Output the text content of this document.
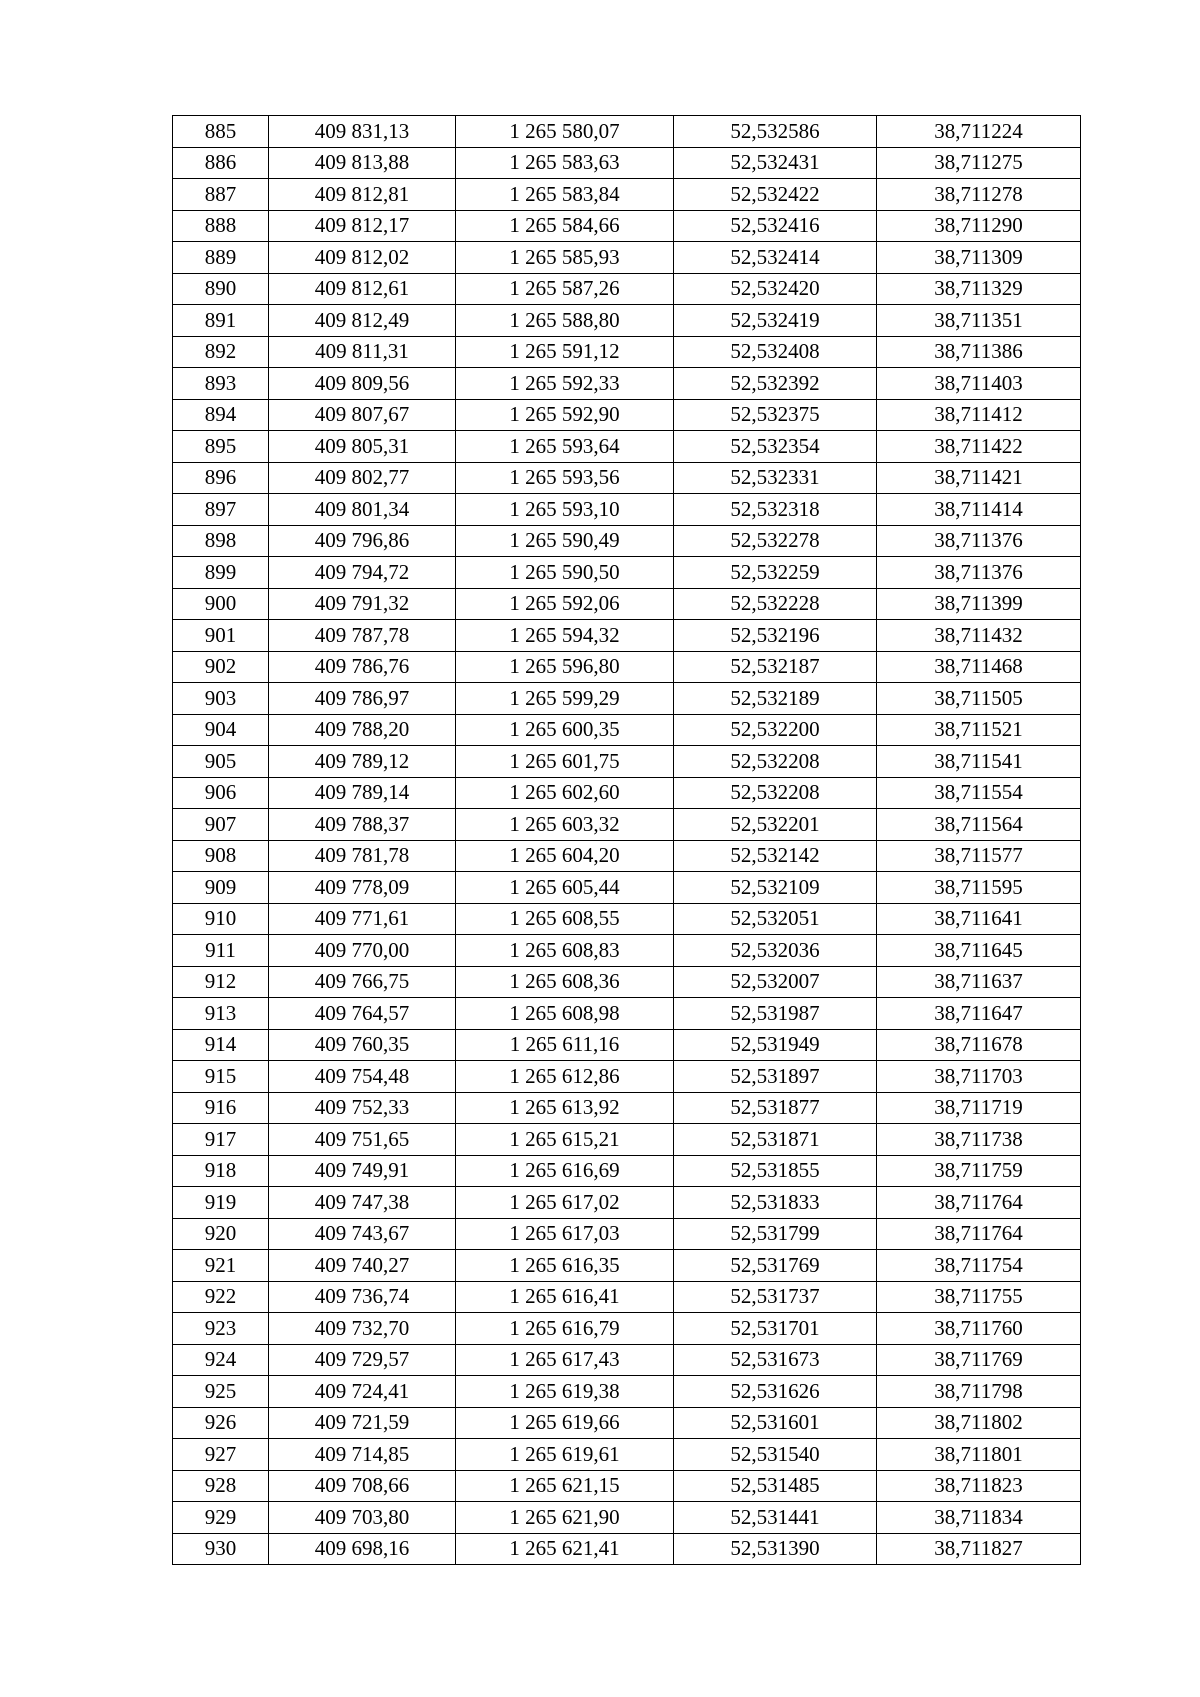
885	409 831,13	1 265 580,07	52,532586	38,711224
886	409 813,88	1 265 583,63	52,532431	38,711275
887	409 812,81	1 265 583,84	52,532422	38,711278
888	409 812,17	1 265 584,66	52,532416	38,711290
889	409 812,02	1 265 585,93	52,532414	38,711309
890	409 812,61	1 265 587,26	52,532420	38,711329
891	409 812,49	1 265 588,80	52,532419	38,711351
892	409 811,31	1 265 591,12	52,532408	38,711386
893	409 809,56	1 265 592,33	52,532392	38,711403
894	409 807,67	1 265 592,90	52,532375	38,711412
895	409 805,31	1 265 593,64	52,532354	38,711422
896	409 802,77	1 265 593,56	52,532331	38,711421
897	409 801,34	1 265 593,10	52,532318	38,711414
898	409 796,86	1 265 590,49	52,532278	38,711376
899	409 794,72	1 265 590,50	52,532259	38,711376
900	409 791,32	1 265 592,06	52,532228	38,711399
901	409 787,78	1 265 594,32	52,532196	38,711432
902	409 786,76	1 265 596,80	52,532187	38,711468
903	409 786,97	1 265 599,29	52,532189	38,711505
904	409 788,20	1 265 600,35	52,532200	38,711521
905	409 789,12	1 265 601,75	52,532208	38,711541
906	409 789,14	1 265 602,60	52,532208	38,711554
907	409 788,37	1 265 603,32	52,532201	38,711564
908	409 781,78	1 265 604,20	52,532142	38,711577
909	409 778,09	1 265 605,44	52,532109	38,711595
910	409 771,61	1 265 608,55	52,532051	38,711641
911	409 770,00	1 265 608,83	52,532036	38,711645
912	409 766,75	1 265 608,36	52,532007	38,711637
913	409 764,57	1 265 608,98	52,531987	38,711647
914	409 760,35	1 265 611,16	52,531949	38,711678
915	409 754,48	1 265 612,86	52,531897	38,711703
916	409 752,33	1 265 613,92	52,531877	38,711719
917	409 751,65	1 265 615,21	52,531871	38,711738
918	409 749,91	1 265 616,69	52,531855	38,711759
919	409 747,38	1 265 617,02	52,531833	38,711764
920	409 743,67	1 265 617,03	52,531799	38,711764
921	409 740,27	1 265 616,35	52,531769	38,711754
922	409 736,74	1 265 616,41	52,531737	38,711755
923	409 732,70	1 265 616,79	52,531701	38,711760
924	409 729,57	1 265 617,43	52,531673	38,711769
925	409 724,41	1 265 619,38	52,531626	38,711798
926	409 721,59	1 265 619,66	52,531601	38,711802
927	409 714,85	1 265 619,61	52,531540	38,711801
928	409 708,66	1 265 621,15	52,531485	38,711823
929	409 703,80	1 265 621,90	52,531441	38,711834
930	409 698,16	1 265 621,41	52,531390	38,711827
